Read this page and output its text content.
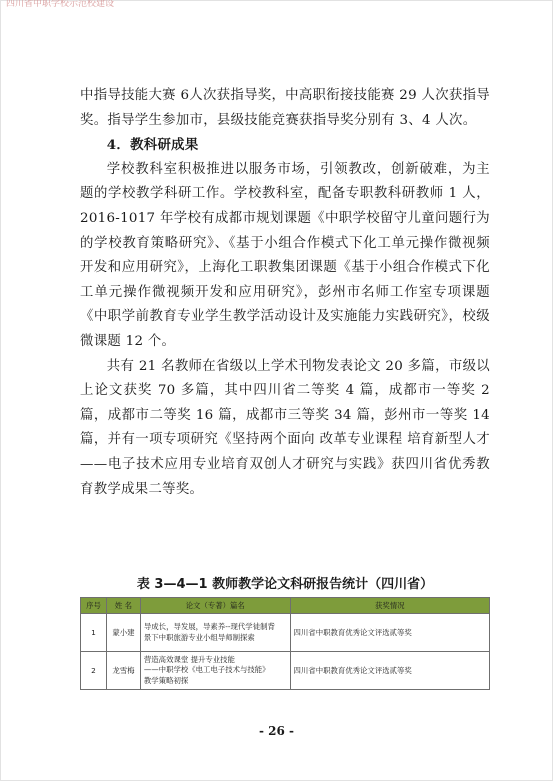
四川省中职学校示范校建设

中指导技能大赛 6人次获指导奖，中高职衔接技能赛 29 人次获指导奖。指导学生参加市，县级技能竞赛获指导奖分别有 3、4 人次。

4．教科研成果

学校教科室积极推进以服务市场，引领教改，创新破难，为主题的学校教学科研工作。学校教科室，配备专职教科研教师 1 人，2016-1017 年学校有成都市规划课题《中职学校留守儿童问题行为的学校教育策略研究》、《基于小组合作模式下化工单元操作微视频开发和应用研究》，上海化工职教集团课题《基于小组合作模式下化工单元操作微视频开发和应用研究》，彭州市名师工作室专项课题《中职学前教育专业学生教学活动设计及实施能力实践研究》，校级微课题 12 个。

共有 21 名教师在省级以上学术刊物发表论文 20 多篇，市级以上论文获奖 70 多篇，其中四川省二等奖 4 篇，成都市一等奖 2 篇，成都市二等奖 16 篇，成都市三等奖 34 篇，彭州市一等奖 14 篇，并有一项专项研究《坚持两个面向 改革专业课程 培育新型人才——电子技术应用专业培育双创人才研究与实践》获四川省优秀教育教学成果二等奖。

表 3—4—1 教师教学论文科研报告统计（四川省）
序号	姓 名	论文（专著）篇名	获奖情况
1	蒙小建	导成长，导发展，导素养--现代学徒制背
景下中职旅游专业小组导师制探索	四川省中职教育优秀论文评选贰等奖
2	龙雪梅	营造高效课堂 提升专业技能
——中职学校《电工电子技术与技能》
教学策略初探	四川省中职教育优秀论文评选贰等奖
- 26 -
